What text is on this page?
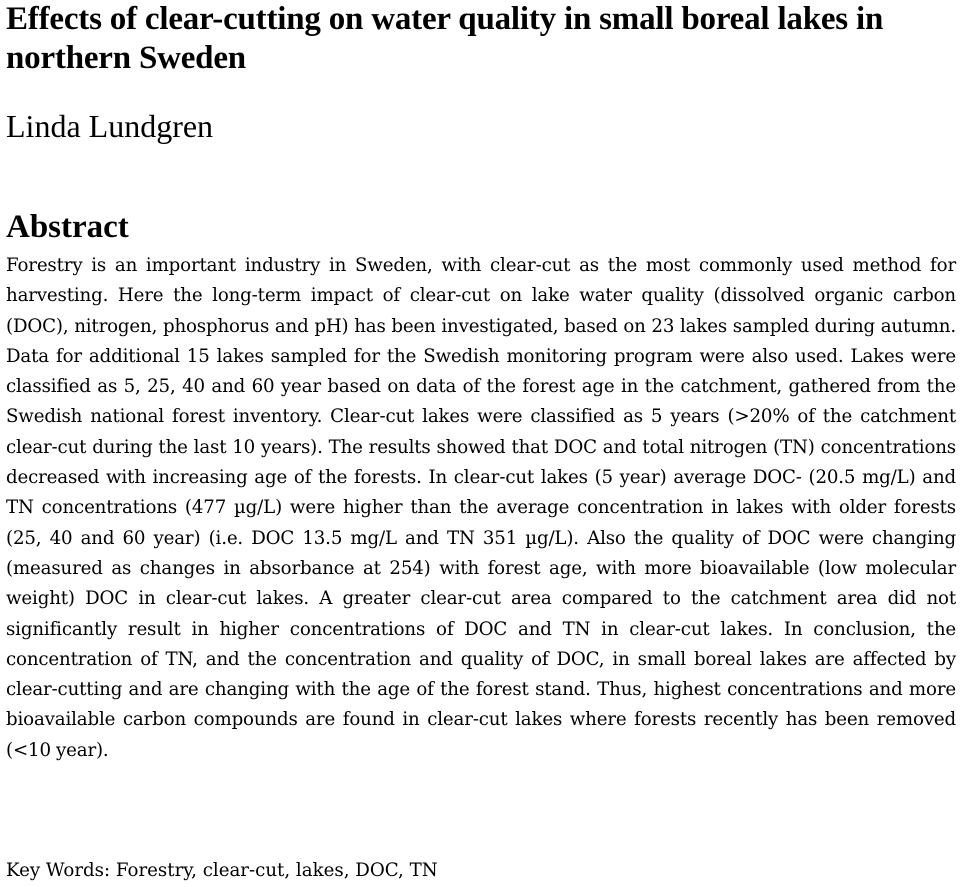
Effects of clear-cutting on water quality in small boreal lakes in northern Sweden
Linda Lundgren
Abstract

Forestry is an important industry in Sweden, with clear-cut as the most commonly used method for harvesting. Here the long-term impact of clear-cut on lake water quality (dissolved organic carbon (DOC), nitrogen, phosphorus and pH) has been investigated, based on 23 lakes sampled during autumn. Data for additional 15 lakes sampled for the Swedish monitoring program were also used. Lakes were classified as 5, 25, 40 and 60 year based on data of the forest age in the catchment, gathered from the Swedish national forest inventory. Clear-cut lakes were classified as 5 years (>20% of the catchment clear-cut during the last 10 years). The results showed that DOC and total nitrogen (TN) concentrations decreased with increasing age of the forests. In clear-cut lakes (5 year) average DOC- (20.5 mg/L) and TN concentrations (477 µg/L) were higher than the average concentration in lakes with older forests (25, 40 and 60 year) (i.e. DOC 13.5 mg/L and TN 351 µg/L). Also the quality of DOC were changing (measured as changes in absorbance at 254) with forest age, with more bioavailable (low molecular weight) DOC in clear-cut lakes. A greater clear-cut area compared to the catchment area did not significantly result in higher concentrations of DOC and TN in clear-cut lakes. In conclusion, the concentration of TN, and the concentration and quality of DOC, in small boreal lakes are affected by clear-cutting and are changing with the age of the forest stand. Thus, highest concentrations and more bioavailable carbon compounds are found in clear-cut lakes where forests recently has been removed (<10 year).

Key Words: Forestry, clear-cut, lakes, DOC, TN
